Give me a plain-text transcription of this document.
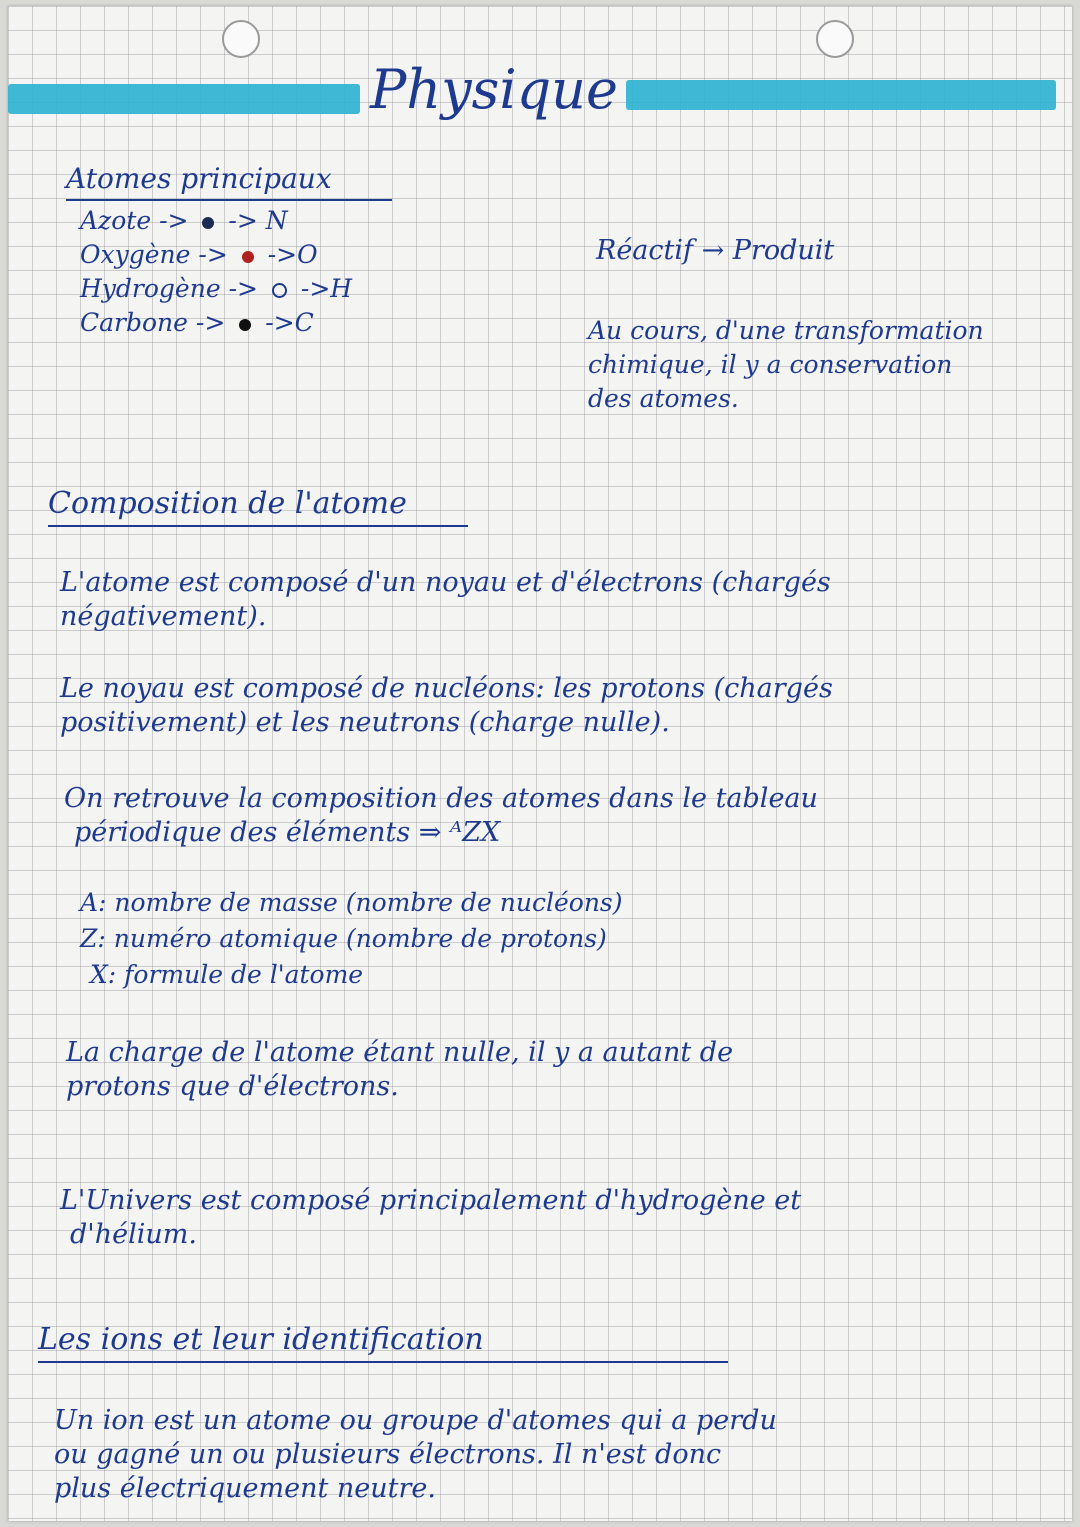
Physique
Atomes principaux
Azote -> -> N
Oxygène -> ->O
Hydrogène -> ->H
Carbone -> ->C
Réactif → Produit
Au cours, d'une transformation
chimique, il y a conservation
des atomes.
Composition de l'atome
L'atome est composé d'un noyau et d'électrons (chargés
négativement).
Le noyau est composé de nucléons: les protons (chargés
positivement) et les neutrons (charge nulle).
On retrouve la composition des atomes dans le tableau
périodique des éléments ⇒ ᴬZX
A: nombre de masse (nombre de nucléons)
Z: numéro atomique (nombre de protons)
X: formule de l'atome
La charge de l'atome étant nulle, il y a autant de
protons que d'électrons.
L'Univers est composé principalement d'hydrogène et
d'hélium.
Les ions et leur identification
Un ion est un atome ou groupe d'atomes qui a perdu
ou gagné un ou plusieurs électrons. Il n'est donc
plus électriquement neutre.
